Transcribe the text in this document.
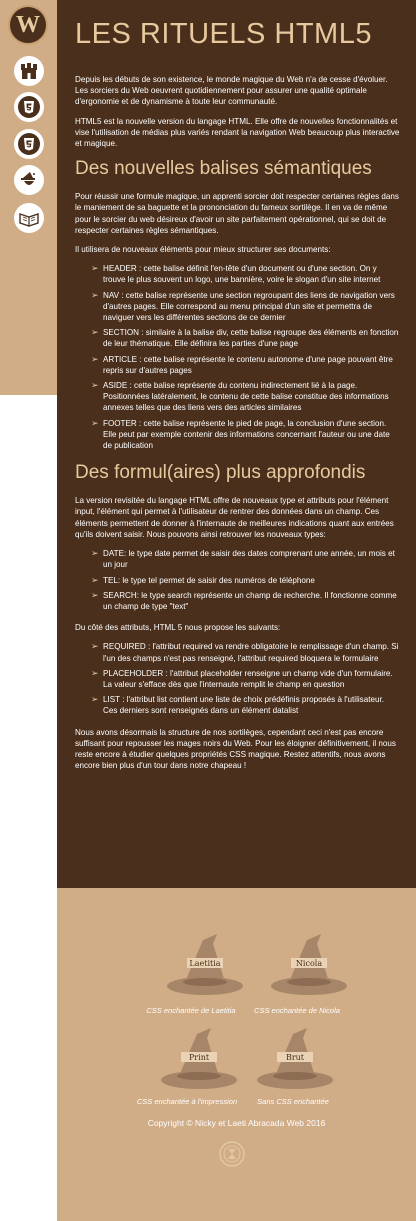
W LES RITUELS HTML5

Depuis les débuts de son existence, le monde magique du Web n'a de cesse d'évoluer. Les sorciers du Web oeuvrent quotidiennement pour assurer une qualité optimale d'ergonomie et de dynamisme à toute leur communauté.

HTML5 est la nouvelle version du langage HTML. Elle offre de nouvelles fonctionnalités et vise l'utilisation de médias plus variés rendant la navigation Web beaucoup plus interactive et magique.

Des nouvelles balises sémantiques

Pour réussir une formule magique, un apprenti sorcier doit respecter certaines règles dans le maniement de sa baguette et la prononciation du fameux sortilège. Il en va de même pour le sorcier du web désireux d'avoir un site parfaitement opérationnel, qui se doit de respecter certaines règles sémantiques.

Il utilisera de nouveaux éléments pour mieux structurer ses documents:

➢ HEADER : cette balise définit l'en-tête d'un document ou d'une section. On y trouve le plus souvent un logo, une bannière, voire le slogan d'un site internet
➢ NAV : cette balise représente une section regroupant des liens de navigation vers d'autres pages. Elle correspond au menu principal d'un site et permettra de naviguer vers les différentes sections de ce dernier
➢ SECTION : similaire à la balise div, cette balise regroupe des éléments en fonction de leur thématique. Elle définira les parties d'une page
➢ ARTICLE : cette balise représente le contenu autonome d'une page pouvant être repris sur d'autres pages
➢ ASIDE : cette balise représente du contenu indirectement lié à la page. Positionnées latéralement, le contenu de cette balise constitue des informations annexes telles que des liens vers des articles similaires
➢ FOOTER : cette balise représente le pied de page, la conclusion d'une section. Elle peut par exemple contenir des informations concernant l'auteur ou une date de publication
Des formul(aires) plus approfondis

La version revisitée du langage HTML offre de nouveaux type et attributs pour l'élément input, l'élément qui permet à l'utilisateur de rentrer des données dans un champ. Ces éléments permettent de donner à l'internaute de meilleures indications quant aux entrées qu'ils doivent saisir. Nous pouvons ainsi retrouver les nouveaux types:

➢ DATE: le type date permet de saisir des dates comprenant une année, un mois et un jour
➢ TEL: le type tel permet de saisir des numéros de téléphone
➢ SEARCH: le type search représente un champ de recherche. Il fonctionne comme un champ de type "text"

Du côté des attributs, HTML 5 nous propose les suivants:

➢ REQUIRED : l'attribut required va rendre obligatoire le remplissage d'un champ. Si l'un des champs n'est pas renseigné, l'attribut required bloquera le formulaire
➢ PLACEHOLDER : l'attribut placeholder renseigne un champ vide d'un formulaire. La valeur s'efface dès que l'internaute remplit le champ en question
➢ LIST : l'attribut list contient une liste de choix prédéfinis proposés à l'utilisateur. Ces derniers sont renseignés dans un élément datalist

Nous avons désormais la structure de nos sortilèges, cependant ceci n'est pas encore suffisant pour repousser les mages noirs du Web. Pour les éloigner définitivement, il nous reste encore à étudier quelques propriétés CSS magique. Restez attentifs, nous avons encore bien plus d'un tour dans notre chapeau !

Laetitia
CSS enchantée de Laetitia
Nicola
CSS enchantée de Nicola
Print
CSS enchantée à l'impression
Brut
Sans CSS enchantée
Copyright © Nicky et Laeti Abracada Web 2016
